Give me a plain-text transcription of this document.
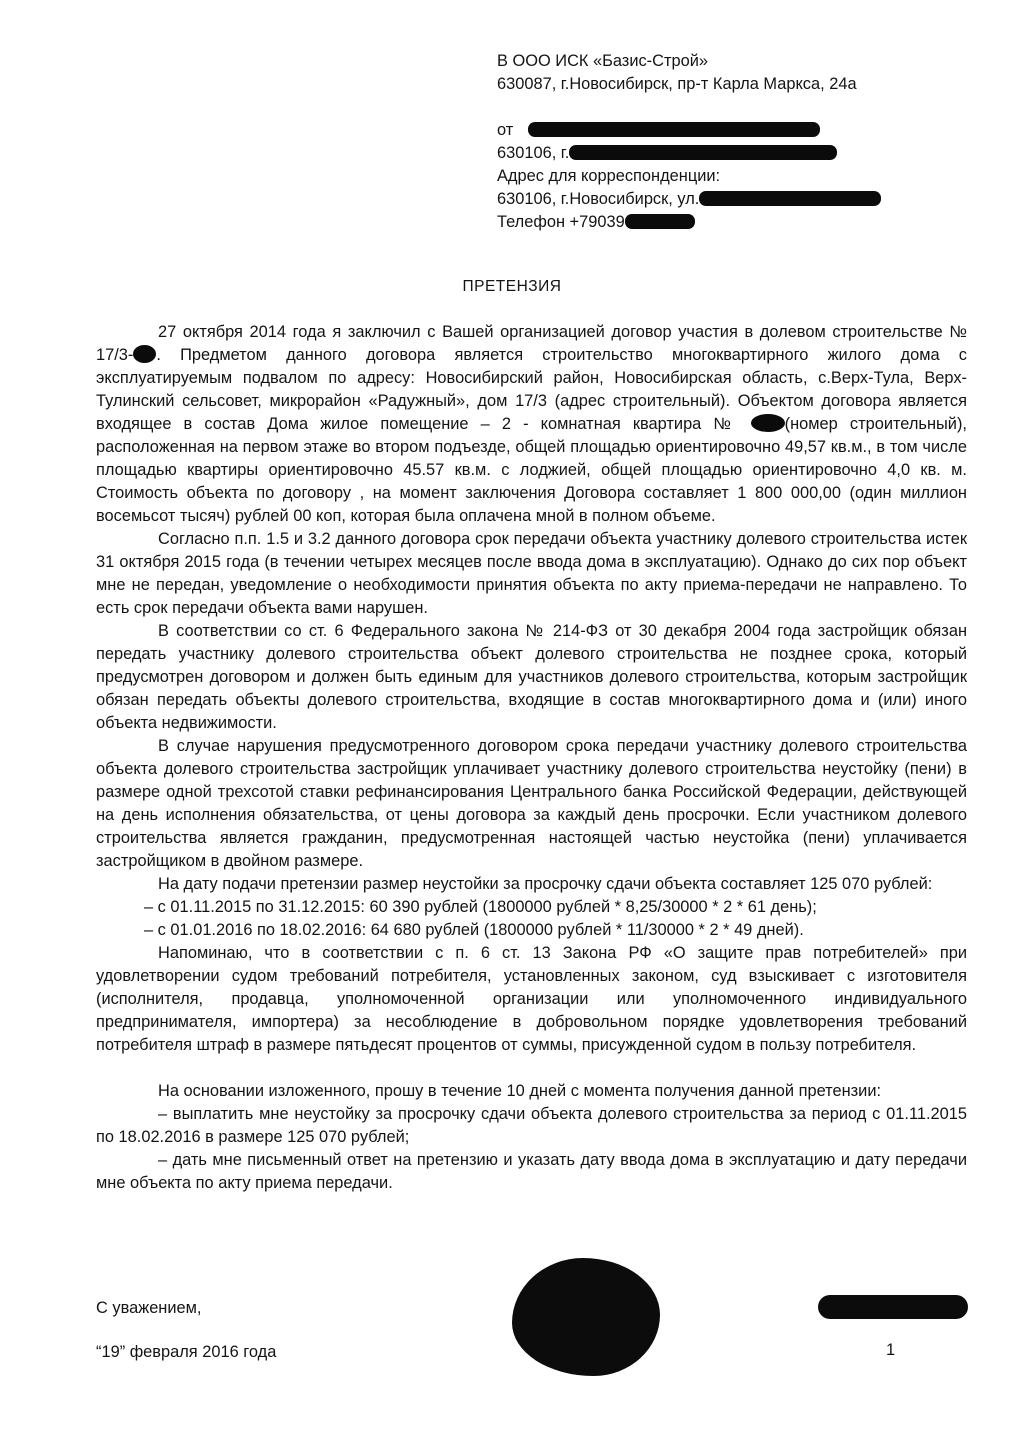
В ООО ИСК «Базис-Строй»
630087, г.Новосибирск, пр-т Карла Маркса, 24а
от
630106, г.
Адрес для корреспонденции:
630106, г.Новосибирск, ул.
Телефон +79039
ПРЕТЕНЗИЯ

27 октября 2014 года я заключил с Вашей организацией договор участия в долевом строительстве № 17/3- . Предметом данного договора является строительство многоквартирного жилого дома с эксплуатируемым подвалом по адресу: Новосибирский район, Новосибирская область, с.Верх-Тула, Верх-Тулинский сельсовет, микрорайон «Радужный», дом 17/3 (адрес строительный). Объектом договора является входящее в состав Дома жилое помещение – 2 - комнатная квартира №	(номер строительный), расположенная на первом этаже во втором подъезде, общей площадью ориентировочно 49,57 кв.м., в том числе площадью квартиры ориентировочно 45.57 кв.м. с лоджией, общей площадью ориентировочно 4,0 кв. м. Стоимость объекта по договору , на момент заключения Договора составляет 1 800 000,00 (один миллион восемьсот тысяч) рублей 00 коп, которая была оплачена мной в полном объеме.

Согласно п.п. 1.5 и 3.2 данного договора срок передачи объекта участнику долевого строительства истек 31 октября 2015 года (в течении четырех месяцев после ввода дома в эксплуатацию). Однако до сих пор объект мне не передан, уведомление о необходимости принятия объекта по акту приема-передачи не направлено. То есть срок передачи объекта вами нарушен.

В соответствии со ст. 6 Федерального закона № 214-ФЗ от 30 декабря 2004 года застройщик обязан передать участнику долевого строительства объект долевого строительства не позднее срока, который предусмотрен договором и должен быть единым для участников долевого строительства, которым застройщик обязан передать объекты долевого строительства, входящие в состав многоквартирного дома и (или) иного объекта недвижимости.

В случае нарушения предусмотренного договором срока передачи участнику долевого строительства объекта долевого строительства застройщик уплачивает участнику долевого строительства неустойку (пени) в размере одной трехсотой ставки рефинансирования Центрального банка Российской Федерации, действующей на день исполнения обязательства, от цены договора за каждый день просрочки. Если участником долевого строительства является гражданин, предусмотренная настоящей частью неустойка (пени) уплачивается застройщиком в двойном размере.

На дату подачи претензии размер неустойки за просрочку сдачи объекта составляет 125 070 рублей:

– с 01.11.2015 по 31.12.2015: 60 390 рублей (1800000 рублей * 8,25/30000 * 2 * 61 день);

– с 01.01.2016 по 18.02.2016: 64 680 рублей (1800000 рублей * 11/30000 * 2 * 49 дней).

Напоминаю, что в соответствии с п. 6 ст. 13 Закона РФ «О защите прав потребителей» при удовлетворении судом требований потребителя, установленных законом, суд взыскивает с изготовителя (исполнителя, продавца, уполномоченной организации или уполномоченного индивидуального предпринимателя, импортера) за несоблюдение в добровольном порядке удовлетворения требований потребителя штраф в размере пятьдесят процентов от суммы, присужденной судом в пользу потребителя.

На основании изложенного, прошу в течение 10 дней с момента получения данной претензии:

– выплатить мне неустойку за просрочку сдачи объекта долевого строительства за период с 01.11.2015 по 18.02.2016 в размере 125 070 рублей;

– дать мне письменный ответ на претензию и указать дату ввода дома в эксплуатацию и дату передачи мне объекта по акту приема передачи.

С уважением,
“19” февраля 2016 года	1
